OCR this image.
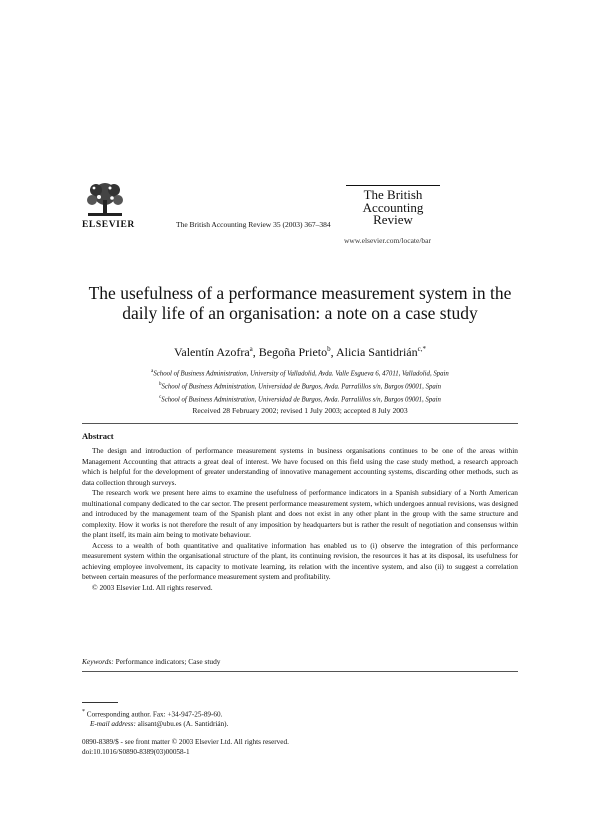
ELSEVIER	The British Accounting Review 35 (2003) 367–384
The British
Accounting
Review
www.elsevier.com/locate/bar
The usefulness of a performance measurement system in the daily life of an organisation: a note on a case study
Valentín Azofra$^a$, Begoña Prieto$^b$, Alicia Santidrián$^{c,*}$
$^a$School of Business Administration, University of Valladolid, Avda. Valle Esgueva 6, 47011, Valladolid, Spain
$^b$School of Business Administration, Universidad de Burgos, Avda. Parralillos s/n, Burgos 09001, Spain
$^c$School of Business Administration, Universidad de Burgos, Avda. Parralillos s/n, Burgos 09001, Spain
Received 28 February 2002; revised 1 July 2003; accepted 8 July 2003
Abstract

The design and introduction of performance measurement systems in business organisations continues to be one of the areas within Management Accounting that attracts a great deal of interest. We have focused on this field using the case study method, a research approach which is helpful for the development of greater understanding of innovative management accounting systems, discarding other methods, such as data collection through surveys.

The research work we present here aims to examine the usefulness of performance indicators in a Spanish subsidiary of a North American multinational company dedicated to the car sector. The present performance measurement system, which undergoes annual revisions, was designed and introduced by the management team of the Spanish plant and does not exist in any other plant in the group with the same structure and complexity. How it works is not therefore the result of any imposition by headquarters but is rather the result of negotiation and consensus within the plant itself, its main aim being to motivate behaviour.

Access to a wealth of both quantitative and qualitative information has enabled us to (i) observe the integration of this performance measurement system within the organisational structure of the plant, its continuing revision, the resources it has at its disposal, its usefulness for achieving employee involvement, its capacity to motivate learning, its relation with the incentive system, and also (ii) to suggest a correlation between certain measures of the performance measurement system and profitability.

© 2003 Elsevier Ltd. All rights reserved.

Keywords: Performance indicators; Case study
* Corresponding author. Fax: +34-947-25-89-60.
E-mail address: alisant@ubu.es (A. Santidrián).
0890-8389/$ - see front matter © 2003 Elsevier Ltd. All rights reserved.
doi:10.1016/S0890-8389(03)00058-1
